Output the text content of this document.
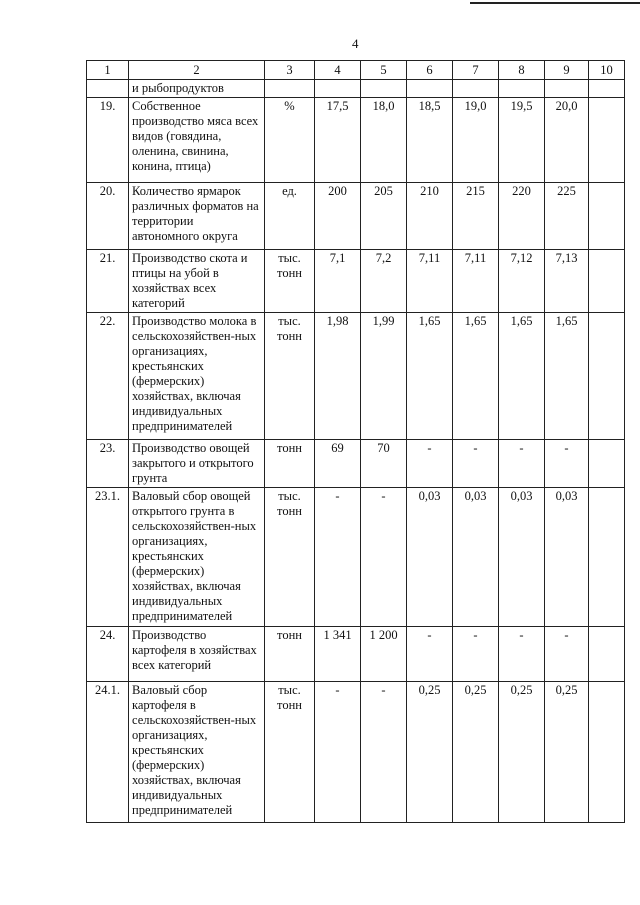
4
1	2	3	4	5	6	7	8	9	10
	и рыбопродуктов								
19.	Собственное производство мяса всех видов (говядина, оленина, свинина, конина, птица)	%	17,5	18,0	18,5	19,0	19,5	20,0	
20.	Количество ярмарок различных форматов на территории автономного округа	ед.	200	205	210	215	220	225	
21.	Производство скота и птицы на убой в хозяйствах всех категорий	тыс. тонн	7,1	7,2	7,11	7,11	7,12	7,13	
22.	Производство молока в сельскохозяйствен-ных организациях, крестьянских (фермерских) хозяйствах, включая индивидуальных предпринимателей	тыс. тонн	1,98	1,99	1,65	1,65	1,65	1,65	
23.	Производство овощей закрытого и открытого грунта	тонн	69	70	-	-	-	-	
23.1.	Валовый сбор овощей открытого грунта в сельскохозяйствен-ных организациях, крестьянских (фермерских) хозяйствах, включая индивидуальных предпринимателей	тыс. тонн	-	-	0,03	0,03	0,03	0,03	
24.	Производство картофеля в хозяйствах всех категорий	тонн	1 341	1 200	-	-	-	-	
24.1.	Валовый сбор картофеля в сельскохозяйствен-ных организациях, крестьянских (фермерских) хозяйствах, включая индивидуальных предпринимателей	тыс. тонн	-	-	0,25	0,25	0,25	0,25	
